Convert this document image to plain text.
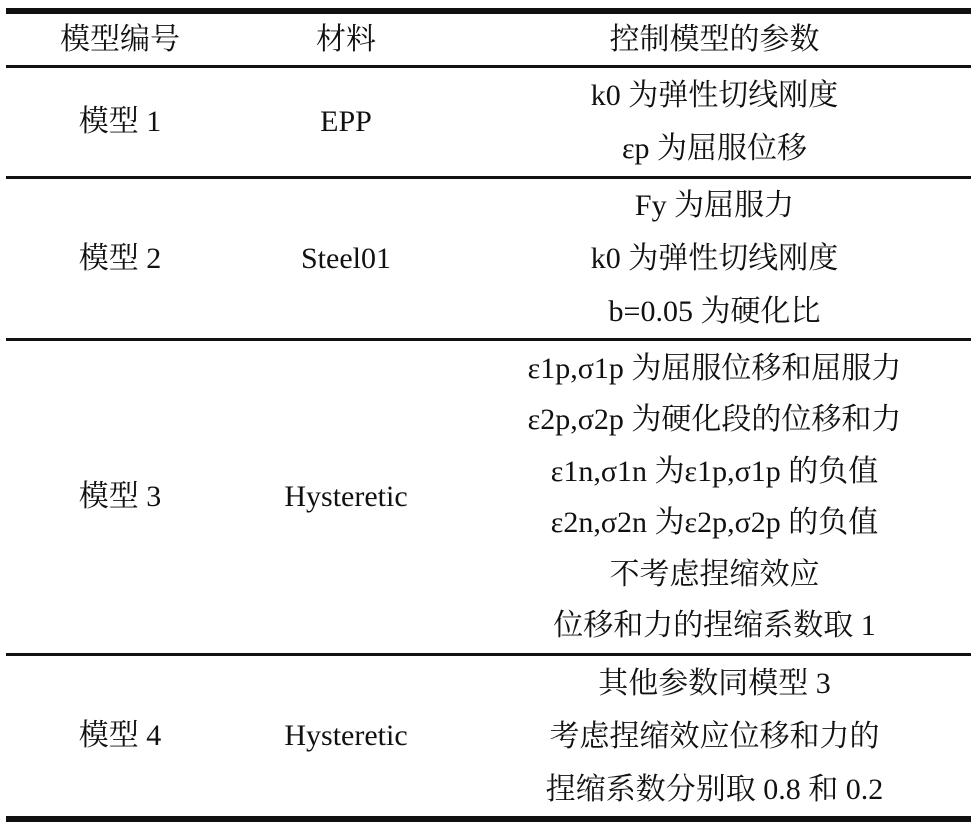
模型编号	材料	控制模型的参数
模型 1	EPP
k0 为弹性切线刚度
εp 为屈服位移
模型 2	Steel01
Fy 为屈服力
k0 为弹性切线刚度
b=0.05 为硬化比
模型 3	Hysteretic
ε1p,σ1p 为屈服位移和屈服力
ε2p,σ2p 为硬化段的位移和力
ε1n,σ1n 为ε1p,σ1p 的负值
ε2n,σ2n 为ε2p,σ2p 的负值
不考虑捏缩效应
位移和力的捏缩系数取 1
模型 4	Hysteretic
其他参数同模型 3
考虑捏缩效应位移和力的
捏缩系数分别取 0.8 和 0.2
